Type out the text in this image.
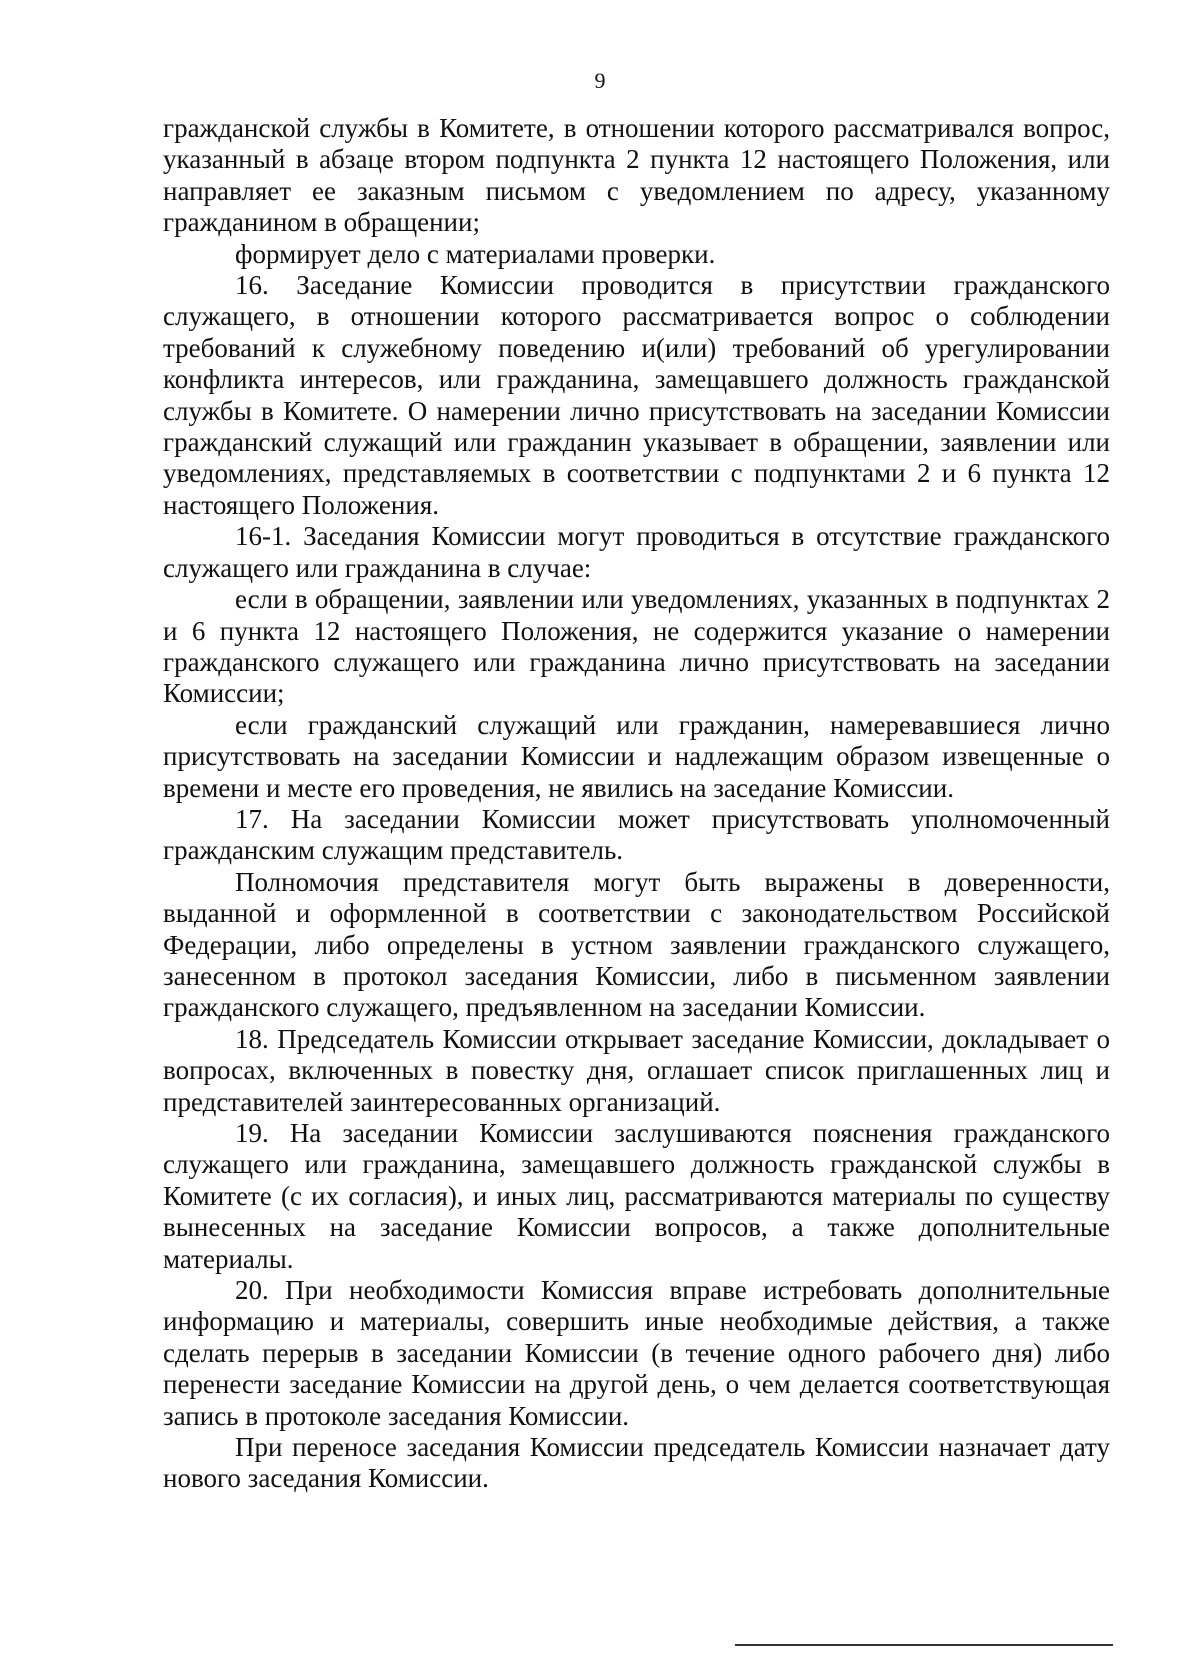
9

гражданской службы в Комитете, в отношении которого рассматривался вопрос, указанный в абзаце втором подпункта 2 пункта 12 настоящего Положения, или направляет ее заказным письмом с уведомлением по адресу, указанному гражданином в обращении;

формирует дело с материалами проверки.

16. Заседание Комиссии проводится в присутствии гражданского служащего, в отношении которого рассматривается вопрос о соблюдении требований к служебному поведению и(или) требований об урегулировании конфликта интересов, или гражданина, замещавшего должность гражданской службы в Комитете. О намерении лично присутствовать на заседании Комиссии гражданский служащий или гражданин указывает в обращении, заявлении или уведомлениях, представляемых в соответствии с подпунктами 2 и 6 пункта 12 настоящего Положения.

16-1. Заседания Комиссии могут проводиться в отсутствие гражданского служащего или гражданина в случае:

если в обращении, заявлении или уведомлениях, указанных в подпунктах 2 и 6 пункта 12 настоящего Положения, не содержится указание о намерении гражданского служащего или гражданина лично присутствовать на заседании Комиссии;

если гражданский служащий или гражданин, намеревавшиеся лично присутствовать на заседании Комиссии и надлежащим образом извещенные о времени и месте его проведения, не явились на заседание Комиссии.

17. На заседании Комиссии может присутствовать уполномоченный гражданским служащим представитель.

Полномочия представителя могут быть выражены в доверенности, выданной и оформленной в соответствии с законодательством Российской Федерации, либо определены в устном заявлении гражданского служащего, занесенном в протокол заседания Комиссии, либо в письменном заявлении гражданского служащего, предъявленном на заседании Комиссии.

18. Председатель Комиссии открывает заседание Комиссии, докладывает о вопросах, включенных в повестку дня, оглашает список приглашенных лиц и представителей заинтересованных организаций.

19. На заседании Комиссии заслушиваются пояснения гражданского служащего или гражданина, замещавшего должность гражданской службы в Комитете (с их согласия), и иных лиц, рассматриваются материалы по существу вынесенных на заседание Комиссии вопросов, а также дополнительные материалы.

20. При необходимости Комиссия вправе истребовать дополнительные информацию и материалы, совершить иные необходимые действия, а также сделать перерыв в заседании Комиссии (в течение одного рабочего дня) либо перенести заседание Комиссии на другой день, о чем делается соответствующая запись в протоколе заседания Комиссии.

При переносе заседания Комиссии председатель Комиссии назначает дату нового заседания Комиссии.
